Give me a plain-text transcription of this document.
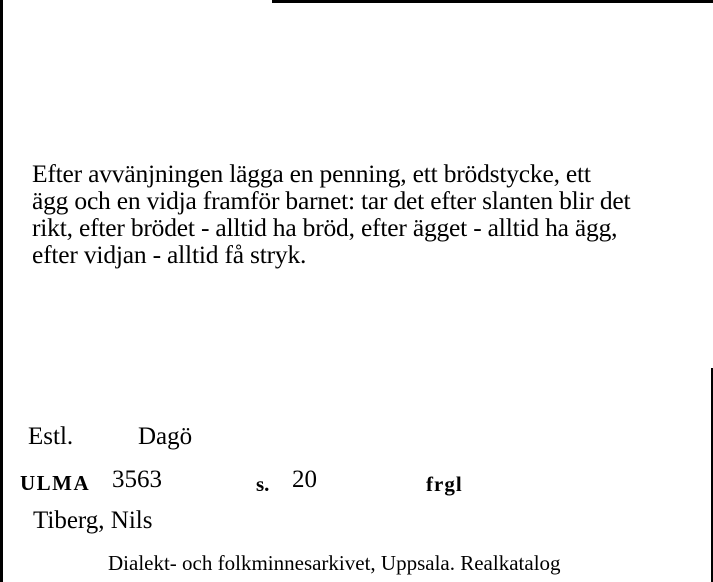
Efter avvänjningen lägga en penning, ett brödstycke, ett

ägg och en vidja framför barnet: tar det efter slanten blir det

rikt, efter brödet - alltid ha bröd, efter ägget - alltid ha ägg,

efter vidjan - alltid få stryk.

Estl.	Dagö
ULMA 3563	s. 20	frgl
Tiberg, Nils
Dialekt- och folkminnesarkivet, Uppsala. Realkatalog
